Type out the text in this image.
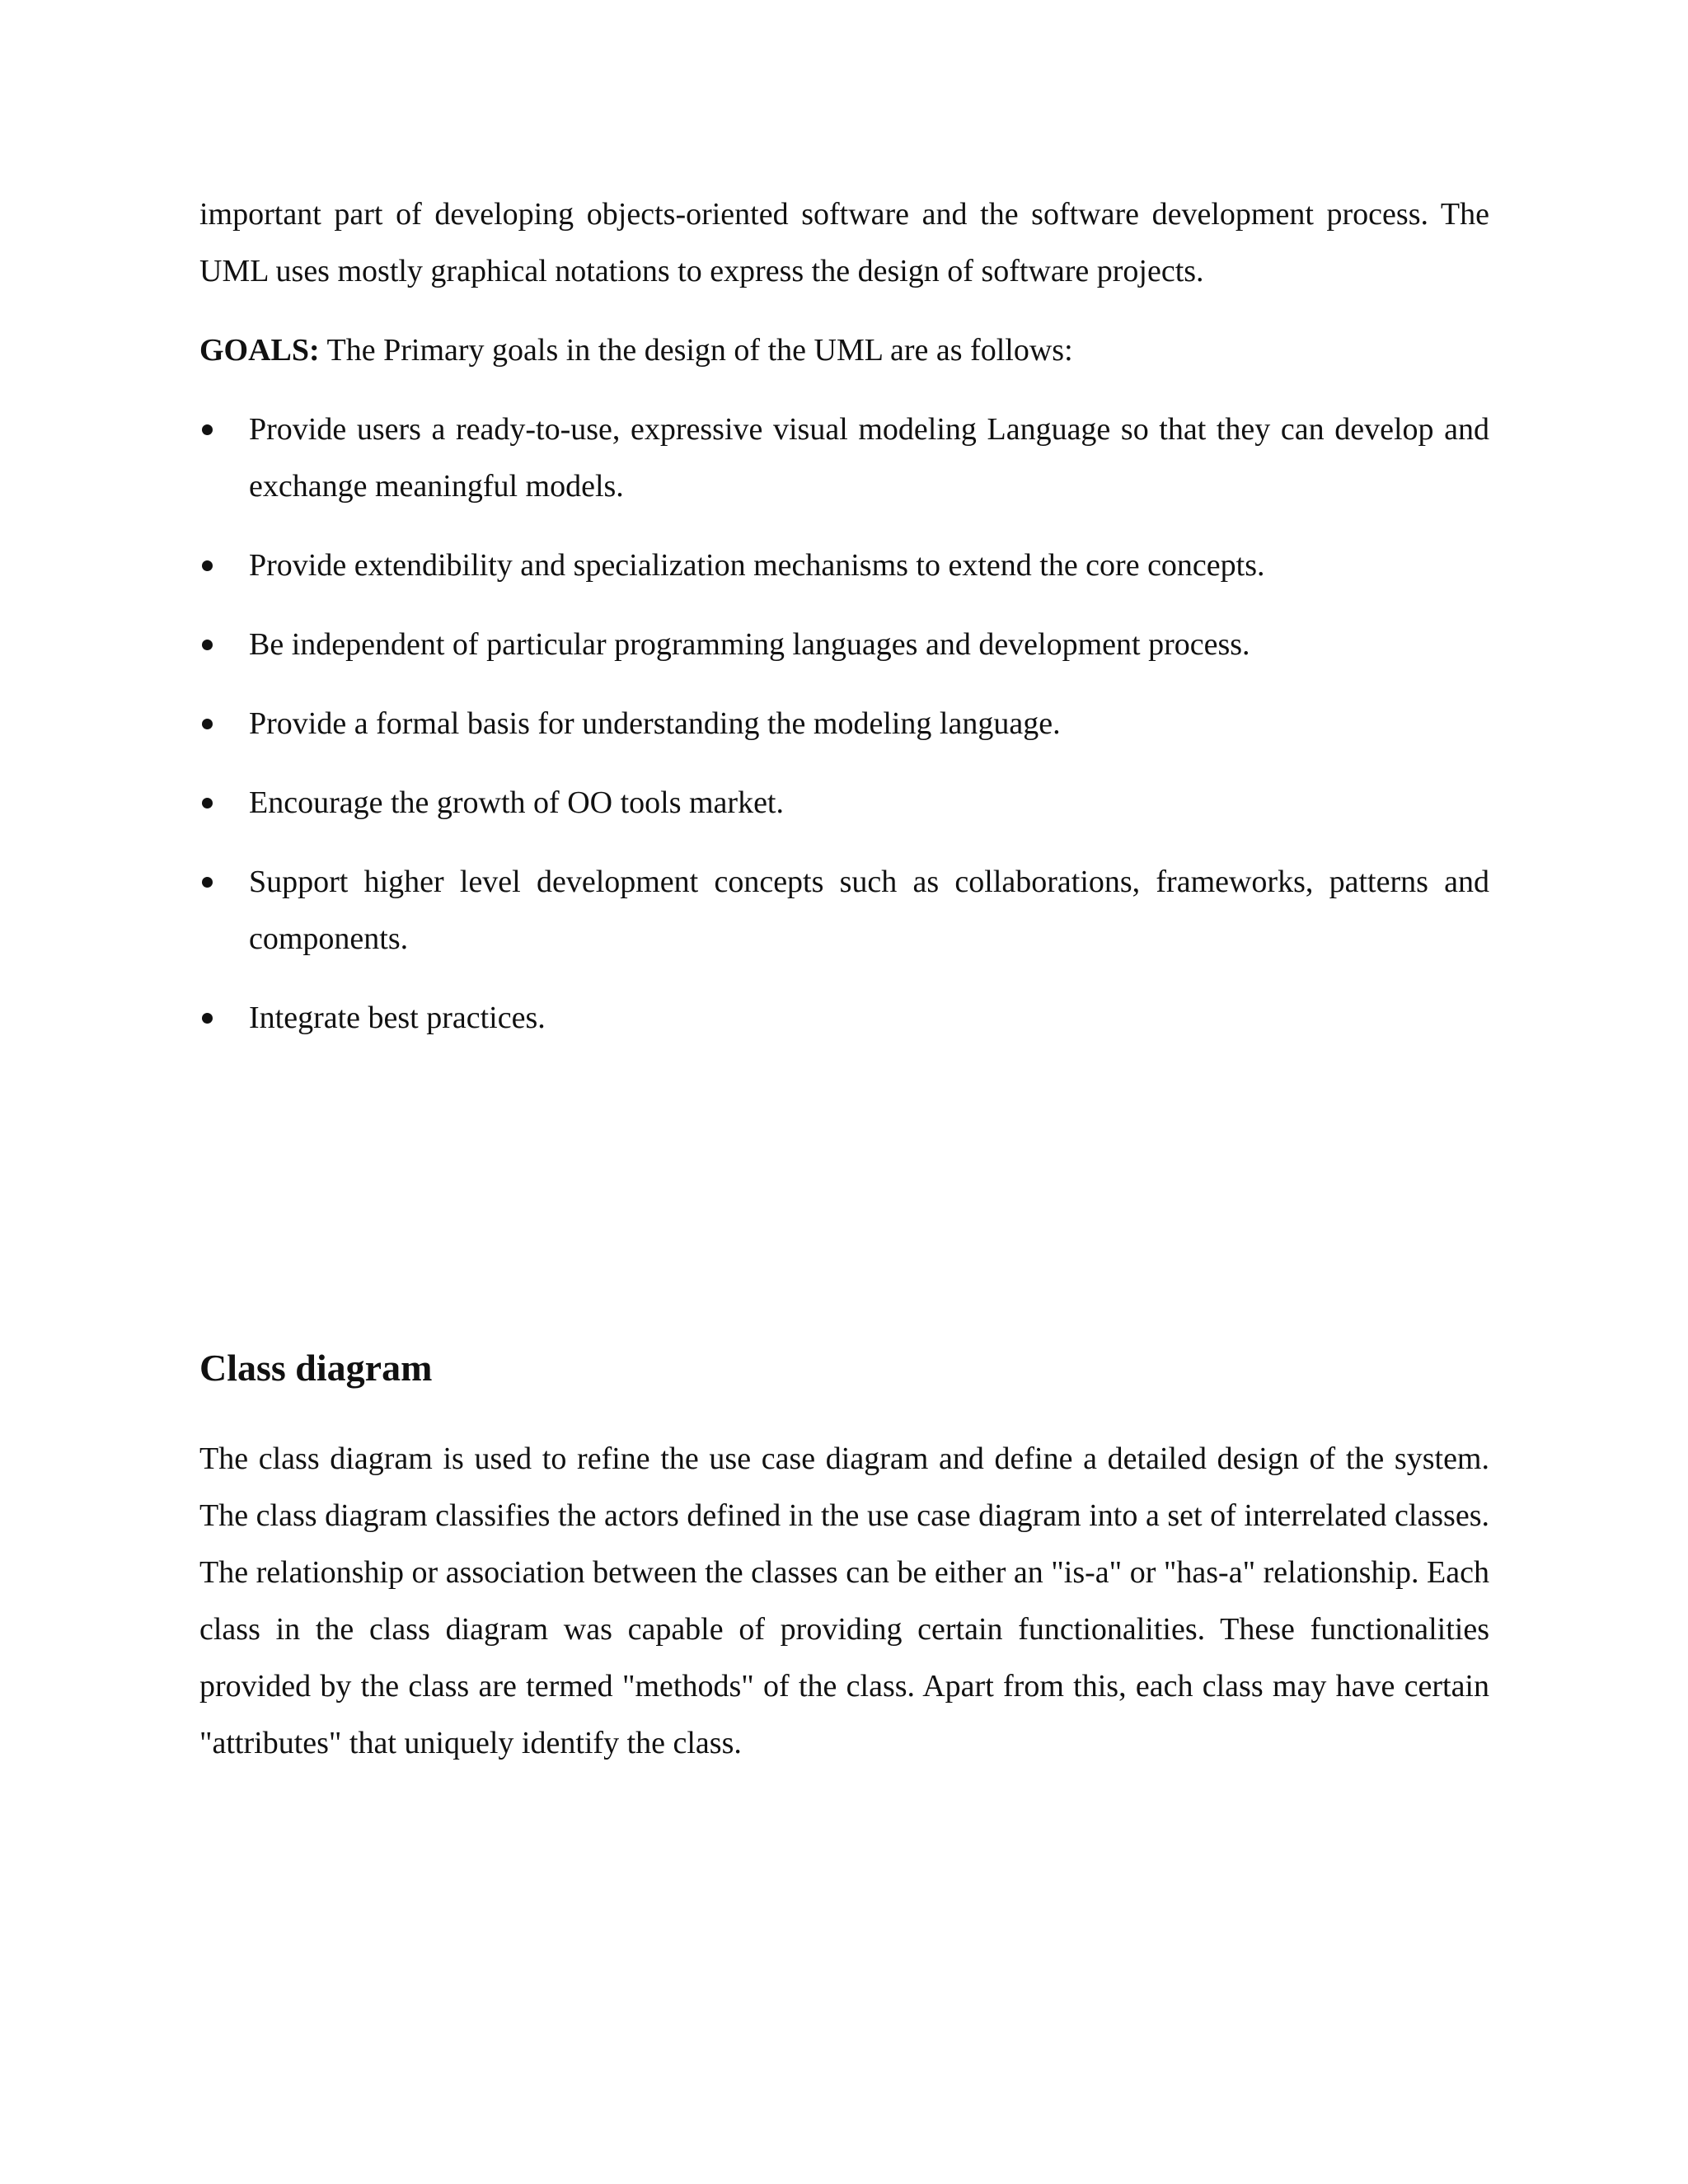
important part of developing objects-oriented software and the software development process. The UML uses mostly graphical notations to express the design of software projects.

GOALS: The Primary goals in the design of the UML are as follows:

Provide users a ready-to-use, expressive visual modeling Language so that they can develop and exchange meaningful models.
Provide extendibility and specialization mechanisms to extend the core concepts.
Be independent of particular programming languages and development process.
Provide a formal basis for understanding the modeling language.
Encourage the growth of OO tools market.
Support higher level development concepts such as collaborations, frameworks, patterns and components.
Integrate best practices.
Class diagram

The class diagram is used to refine the use case diagram and define a detailed design of the system. The class diagram classifies the actors defined in the use case diagram into a set of interrelated classes. The relationship or association between the classes can be either an "is-a" or "has-a" relationship. Each class in the class diagram was capable of providing certain functionalities. These functionalities provided by the class are termed "methods" of the class. Apart from this, each class may have certain "attributes" that uniquely identify the class.
